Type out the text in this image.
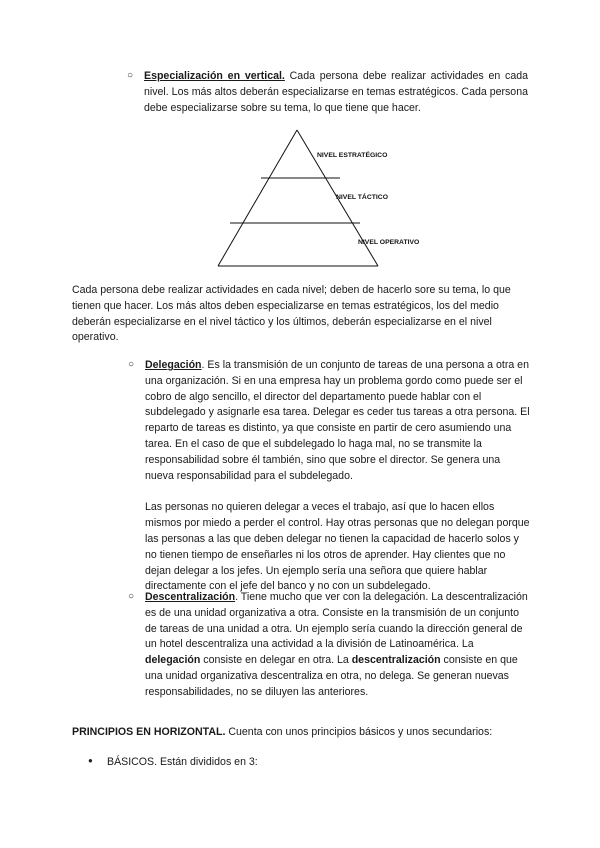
○ Especialización en vertical. Cada persona debe realizar actividades en cada nivel. Los más altos deberán especializarse en temas estratégicos. Cada persona debe especializarse sobre su tema, lo que tiene que hacer.

NIVEL ESTRATÉGICO
NIVEL TÁCTICO
NIVEL OPERATIVO

Cada persona debe realizar actividades en cada nivel; deben de hacerlo sore su tema, lo que tienen que hacer. Los más altos deben especializarse en temas estratégicos, los del medio deberán especializarse en el nivel táctico y los últimos, deberán especializarse en el nivel operativo.

○ Delegación. Es la transmisión de un conjunto de tareas de una persona a otra en una organización. Si en una empresa hay un problema gordo como puede ser el cobro de algo sencillo, el director del departamento puede hablar con el subdelegado y asignarle esa tarea. Delegar es ceder tus tareas a otra persona. El reparto de tareas es distinto, ya que consiste en partir de cero asumiendo una tarea. En el caso de que el subdelegado lo haga mal, no se transmite la responsabilidad sobre él también, sino que sobre el director. Se genera una nueva responsabilidad para el subdelegado.

Las personas no quieren delegar a veces el trabajo, así que lo hacen ellos mismos por miedo a perder el control. Hay otras personas que no delegan porque las personas a las que deben delegar no tienen la capacidad de hacerlo solos y no tienen tiempo de enseñarles ni los otros de aprender. Hay clientes que no dejan delegar a los jefes. Un ejemplo sería una señora que quiere hablar directamente con el jefe del banco y no con un subdelegado.

○ Descentralización. Tiene mucho que ver con la delegación. La descentralización es de una unidad organizativa a otra. Consiste en la transmisión de un conjunto de tareas de una unidad a otra. Un ejemplo sería cuando la dirección general de un hotel descentraliza una actividad a la división de Latinoamérica. La delegación consiste en delegar en otra. La descentralización consiste en que una unidad organizativa descentraliza en otra, no delega. Se generan nuevas responsabilidades, no se diluyen las anteriores.

PRINCIPIOS EN HORIZONTAL. Cuenta con unos principios básicos y unos secundarios:

● BÁSICOS. Están divididos en 3:
